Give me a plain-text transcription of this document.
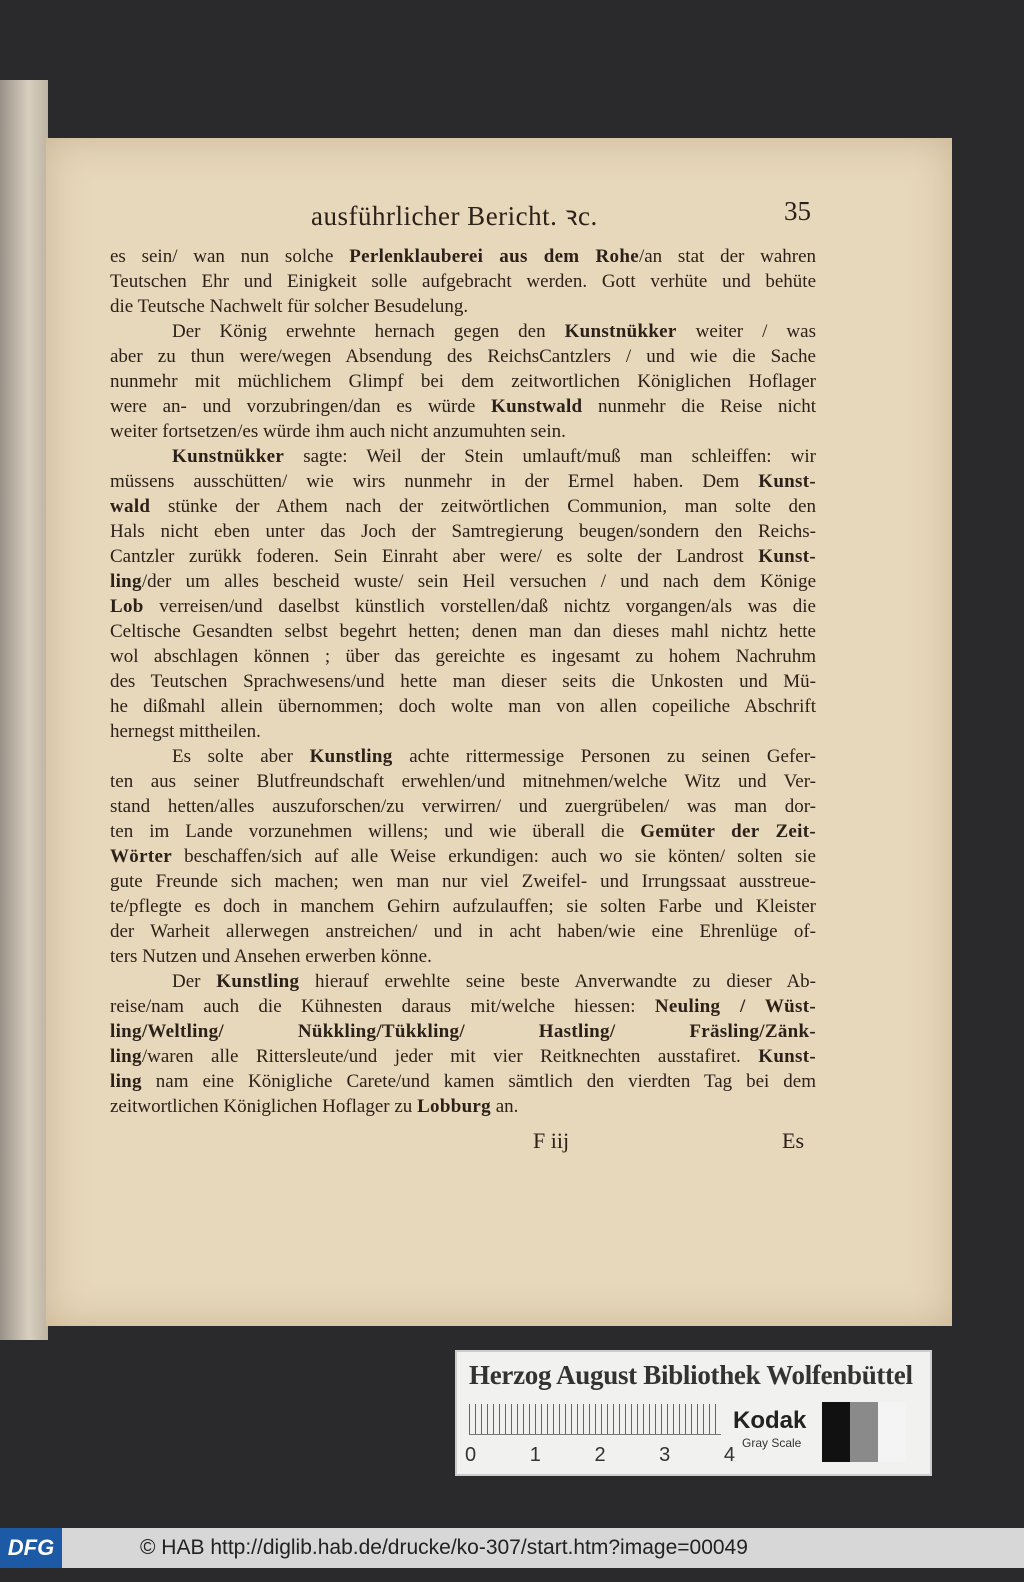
ausführlicher Bericht. ꝛc.	35
es sein/ wan nun solche Perlenklauberei aus dem Rohe/an stat der wahren
Teutschen Ehr und Einigkeit solle aufgebracht werden. Gott verhüte und behüte
die Teutsche Nachwelt für solcher Besudelung.
Der König erwehnte hernach gegen den Kunstnükker weiter / was
aber zu thun were/wegen Absendung des ReichsCantzlers / und wie die Sache
nunmehr mit müchlichem Glimpf bei dem zeitwortlichen Königlichen Hoflager
were an- und vorzubringen/dan es würde Kunstwald nunmehr die Reise nicht
weiter fortsetzen/es würde ihm auch nicht anzumuhten sein.
Kunstnükker sagte: Weil der Stein umlauft/muß man schleiffen: wir
müssens ausschütten/ wie wirs nunmehr in der Ermel haben. Dem Kunst-
wald stünke der Athem nach der zeitwörtlichen Communion, man solte den
Hals nicht eben unter das Joch der Samtregierung beugen/sondern den Reichs-
Cantzler zurükk foderen. Sein Einraht aber were/ es solte der Landrost Kunst-
ling/der um alles bescheid wuste/ sein Heil versuchen / und nach dem Könige
Lob verreisen/und daselbst künstlich vorstellen/daß nichtz vorgangen/als was die
Celtische Gesandten selbst begehrt hetten; denen man dan dieses mahl nichtz hette
wol abschlagen können ; über das gereichte es ingesamt zu hohem Nachruhm
des Teutschen Sprachwesens/und hette man dieser seits die Unkosten und Mü-
he dißmahl allein übernommen; doch wolte man von allen copeiliche Abschrift
hernegst mittheilen.
Es solte aber Kunstling achte rittermessige Personen zu seinen Gefer-
ten aus seiner Blutfreundschaft erwehlen/und mitnehmen/welche Witz und Ver-
stand hetten/alles auszuforschen/zu verwirren/ und zuergrübelen/ was man dor-
ten im Lande vorzunehmen willens; und wie überall die Gemüter der Zeit-
Wörter beschaffen/sich auf alle Weise erkundigen: auch wo sie könten/ solten sie
gute Freunde sich machen; wen man nur viel Zweifel- und Irrungssaat ausstreue-
te/pflegte es doch in manchem Gehirn aufzulauffen; sie solten Farbe und Kleister
der Warheit allerwegen anstreichen/ und in acht haben/wie eine Ehrenlüge of-
ters Nutzen und Ansehen erwerben könne.
Der Kunstling hierauf erwehlte seine beste Anverwandte zu dieser Ab-
reise/nam auch die Kühnesten daraus mit/welche hiessen: Neuling / Wüst-
ling/Weltling/ Nükkling/Tükkling/ Hastling/ Fräsling/Zänk-
ling/waren alle Rittersleute/und jeder mit vier Reitknechten ausstafiret. Kunst-
ling nam eine Königliche Carete/und kamen sämtlich den vierdten Tag bei dem
zeitwortlichen Königlichen Hoflager zu Lobburg an.
F iij	Es
Herzog August Bibliothek Wolfenbüttel
0	1	2	3	4
Kodak
Gray Scale
DFG	© HAB http://diglib.hab.de/drucke/ko-307/start.htm?image=00049
